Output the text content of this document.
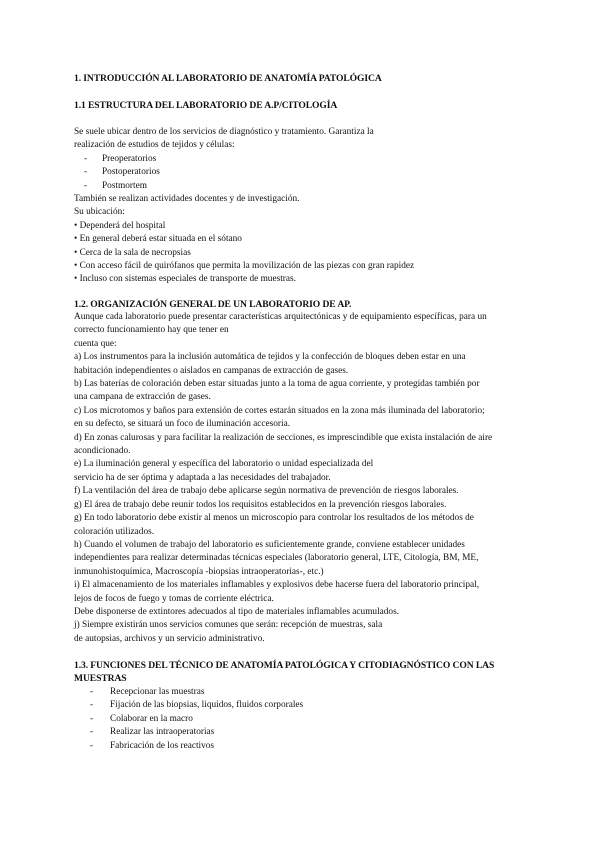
1. INTRODUCCIÓN AL LABORATORIO DE ANATOMÍA PATOLÓGICA
1.1 ESTRUCTURA DEL LABORATORIO DE A.P/CITOLOGÍA
Se suele ubicar dentro de los servicios de diagnóstico y tratamiento. Garantiza la
realización de estudios de tejidos y células:
- Preoperatorios
- Postoperatorios
- Postmortem
También se realizan actividades docentes y de investigación.
Su ubicación:
• Dependerá del hospital
• En general deberá estar situada en el sótano
• Cerca de la sala de necropsias
• Con acceso fácil de quirófanos que permita la movilización de las piezas con gran rapidez
• Incluso con sistemas especiales de transporte de muestras.
1.2. ORGANIZACIÓN GENERAL DE UN LABORATORIO DE AP.
Aunque cada laboratorio puede presentar características arquitectónicas y de equipamiento específicas, para un
correcto funcionamiento hay que tener en
cuenta que:
a) Los instrumentos para la inclusión automática de tejidos y la confección de bloques deben estar en una
habitación independientes o aislados en campanas de extracción de gases.
b) Las baterías de coloración deben estar situadas junto a la toma de agua corriente, y protegidas también por
una campana de extracción de gases.
c) Los microtomos y baños para extensión de cortes estarán situados en la zona más iluminada del laboratorio;
en su defecto, se situará un foco de iluminación accesoria.
d) En zonas calurosas y para facilitar la realización de secciones, es imprescindible que exista instalación de aire
acondicionado.
e) La iluminación general y específica del laboratorio o unidad especializada del
servicio ha de ser óptima y adaptada a las necesidades del trabajador.
f) La ventilación del área de trabajo debe aplicarse según normativa de prevención de riesgos laborales.
g) El área de trabajo debe reunir todos los requisitos establecidos en la prevención riesgos laborales.
g) En todo laboratorio debe existir al menos un microscopio para controlar los resultados de los métodos de
coloración utilizados.
h) Cuando el volumen de trabajo del laboratorio es suficientemente grande, conviene establecer unidades
independientes para realizar determinadas técnicas especiales (laboratorio general, LTE, Citología, BM, ME,
inmunohistoquímica, Macroscopía -biopsias intraoperatorias-, etc.)
i) El almacenamiento de los materiales inflamables y explosivos debe hacerse fuera del laboratorio principal,
lejos de focos de fuego y tomas de corriente eléctrica.
Debe disponerse de extintores adecuados al tipo de materiales inflamables acumulados.
j) Siempre existirán unos servicios comunes que serán: recepción de muestras, sala
de autopsias, archivos y un servicio administrativo.
1.3. FUNCIONES DEL TÉCNICO DE ANATOMÍA PATOLÓGICA Y CITODIAGNÓSTICO CON LAS
MUESTRAS
- Recepcionar las muestras
- Fijación de las biopsias, liquidos, fluidos corporales
- Colaborar en la macro
- Realizar las intraoperatorias
- Fabricación de los reactivos
